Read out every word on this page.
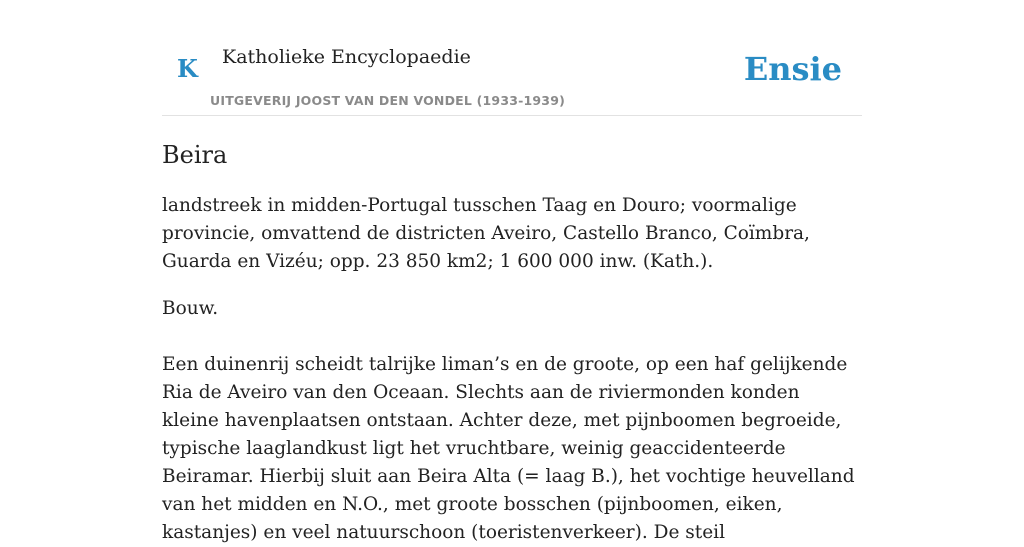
K Katholieke Encyclopaedie
UITGEVERIJ JOOST VAN DEN VONDEL (1933-1939)
Ensie
Beira

landstreek in midden-Portugal tusschen Taag en Douro; voormalige provincie, omvattend de districten Aveiro, Castello Branco, Coïmbra, Guarda en Vizéu; opp. 23 850 km2; 1 600 000 inw. (Kath.).

Bouw.

Een duinenrij scheidt talrijke liman’s en de groote, op een haf gelijkende Ria de Aveiro van den Oceaan. Slechts aan de riviermonden konden kleine havenplaatsen ontstaan. Achter deze, met pijnboomen begroeide, typische laaglandkust ligt het vruchtbare, weinig geaccidenteerde Beiramar. Hierbij sluit aan Beira Alta (= laag B.), het vochtige heuvelland van het midden en N.O., met groote bosschen (pijnboomen, eiken, kastanjes) en veel natuurschoon (toeristenverkeer). De steil
